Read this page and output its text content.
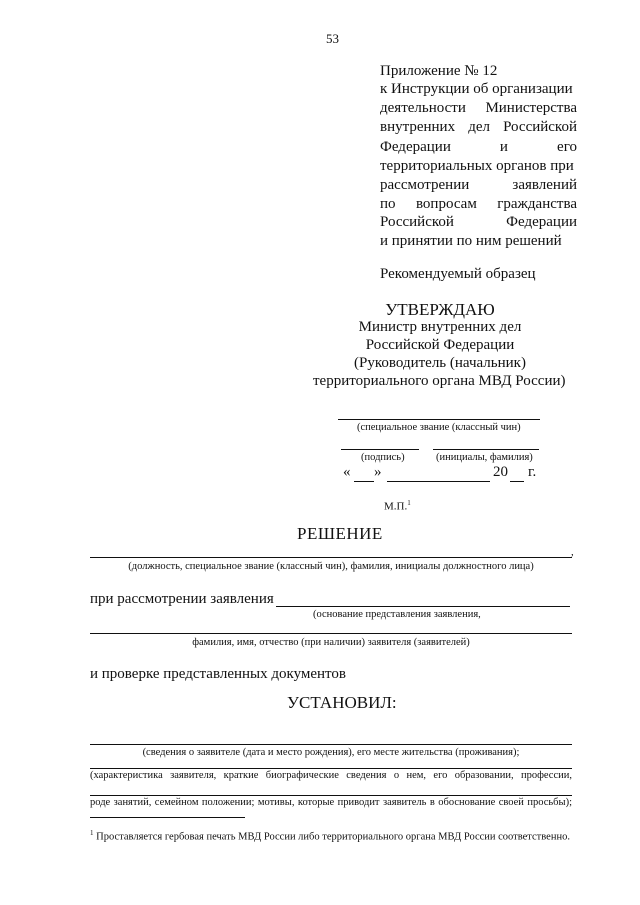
53
Приложение № 12
к Инструкции об организации
деятельности Министерства
внутренних дел Российской
Федерации и его
территориальных органов при
рассмотрении заявлений
по вопросам гражданства
Российской Федерации
и принятии по ним решений
Рекомендуемый образец
УТВЕРЖДАЮ
Министр внутренних дел
Российской Федерации
(Руководитель (начальник)
территориального органа МВД России)
(специальное звание (классный чин)
(подпись)	(инициалы, фамилия)
« »	20 г.
М.П.$^1$
РЕШЕНИЕ
,
(должность, специальное звание (классный чин), фамилия, инициалы должностного лица)
при рассмотрении заявления
(основание представления заявления,
фамилия, имя, отчество (при наличии) заявителя (заявителей)
и проверке представленных документов
УСТАНОВИЛ:
(сведения о заявителе (дата и место рождения), его месте жительства (проживания);
(характеристика заявителя, краткие биографические сведения о нем, его образовании, профессии,
роде занятий, семейном положении; мотивы, которые приводит заявитель в обоснование своей просьбы);
$^1$ Проставляется гербовая печать МВД России либо территориального органа МВД России соответственно.
